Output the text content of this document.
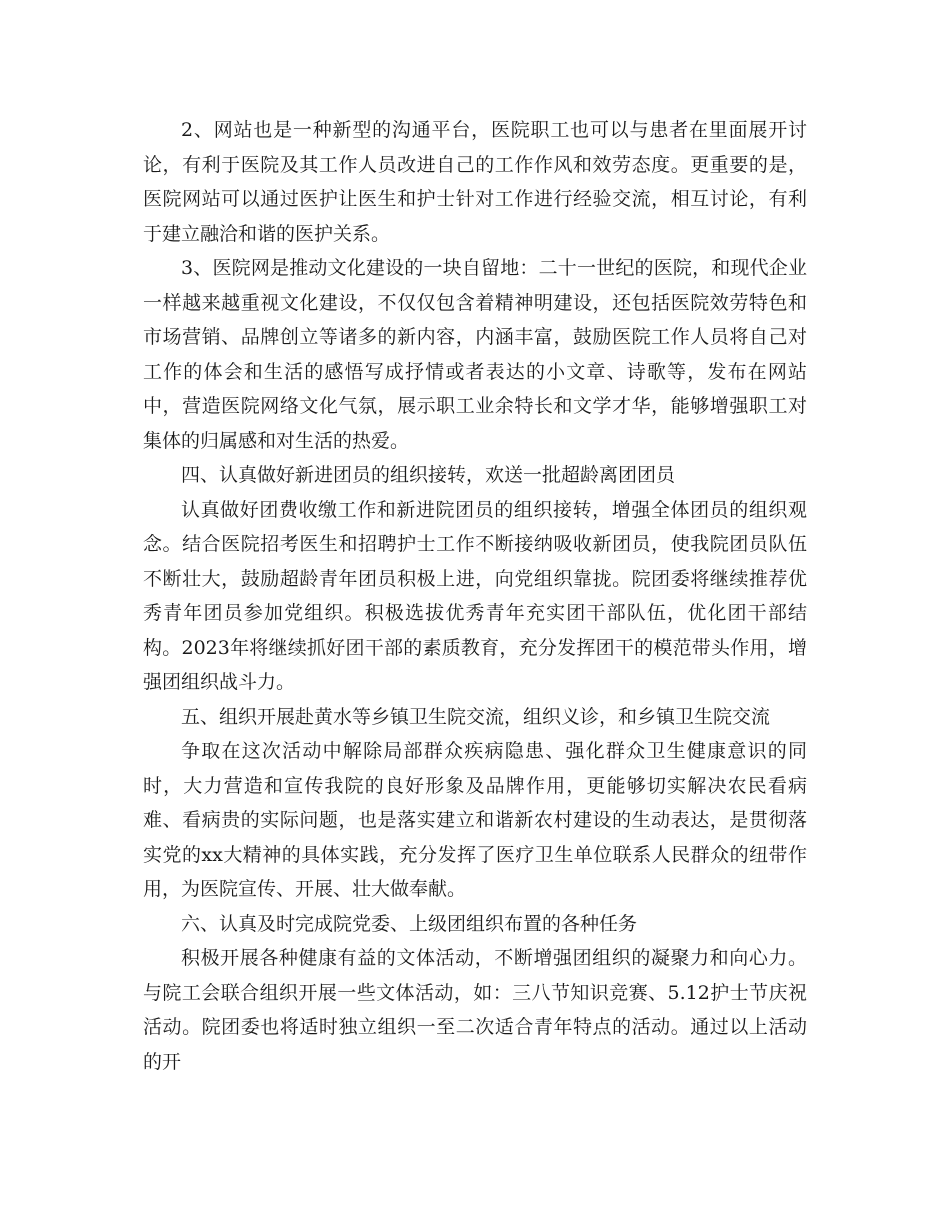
2、网站也是一种新型的沟通平台，医院职工也可以与患者在里面展开讨论，有利于医院及其工作人员改进自己的工作作风和效劳态度。更重要的是，医院网站可以通过医护让医生和护士针对工作进行经验交流，相互讨论，有利于建立融洽和谐的医护关系。

3、医院网是推动文化建设的一块自留地：二十一世纪的医院，和现代企业一样越来越重视文化建设，不仅仅包含着精神明建设，还包括医院效劳特色和市场营销、品牌创立等诸多的新内容，内涵丰富，鼓励医院工作人员将自己对工作的体会和生活的感悟写成抒情或者表达的小文章、诗歌等，发布在网站中，营造医院网络文化气氛，展示职工业余特长和文学才华，能够增强职工对集体的归属感和对生活的热爱。

四、认真做好新进团员的组织接转，欢送一批超龄离团团员

认真做好团费收缴工作和新进院团员的组织接转，增强全体团员的组织观念。结合医院招考医生和招聘护士工作不断接纳吸收新团员，使我院团员队伍不断壮大，鼓励超龄青年团员积极上进，向党组织靠拢。院团委将继续推荐优秀青年团员参加党组织。积极选拔优秀青年充实团干部队伍，优化团干部结构。2023年将继续抓好团干部的素质教育，充分发挥团干的模范带头作用，增强团组织战斗力。

五、组织开展赴黄水等乡镇卫生院交流，组织义诊，和乡镇卫生院交流

争取在这次活动中解除局部群众疾病隐患、强化群众卫生健康意识的同时，大力营造和宣传我院的良好形象及品牌作用，更能够切实解决农民看病难、看病贵的实际问题，也是落实建立和谐新农村建设的生动表达，是贯彻落实党的xx大精神的具体实践，充分发挥了医疗卫生单位联系人民群众的纽带作用，为医院宣传、开展、壮大做奉献。

六、认真及时完成院党委、上级团组织布置的各种任务

积极开展各种健康有益的文体活动，不断增强团组织的凝聚力和向心力。与院工会联合组织开展一些文体活动，如：三八节知识竞赛、5.12护士节庆祝活动。院团委也将适时独立组织一至二次适合青年特点的活动。通过以上活动的开
